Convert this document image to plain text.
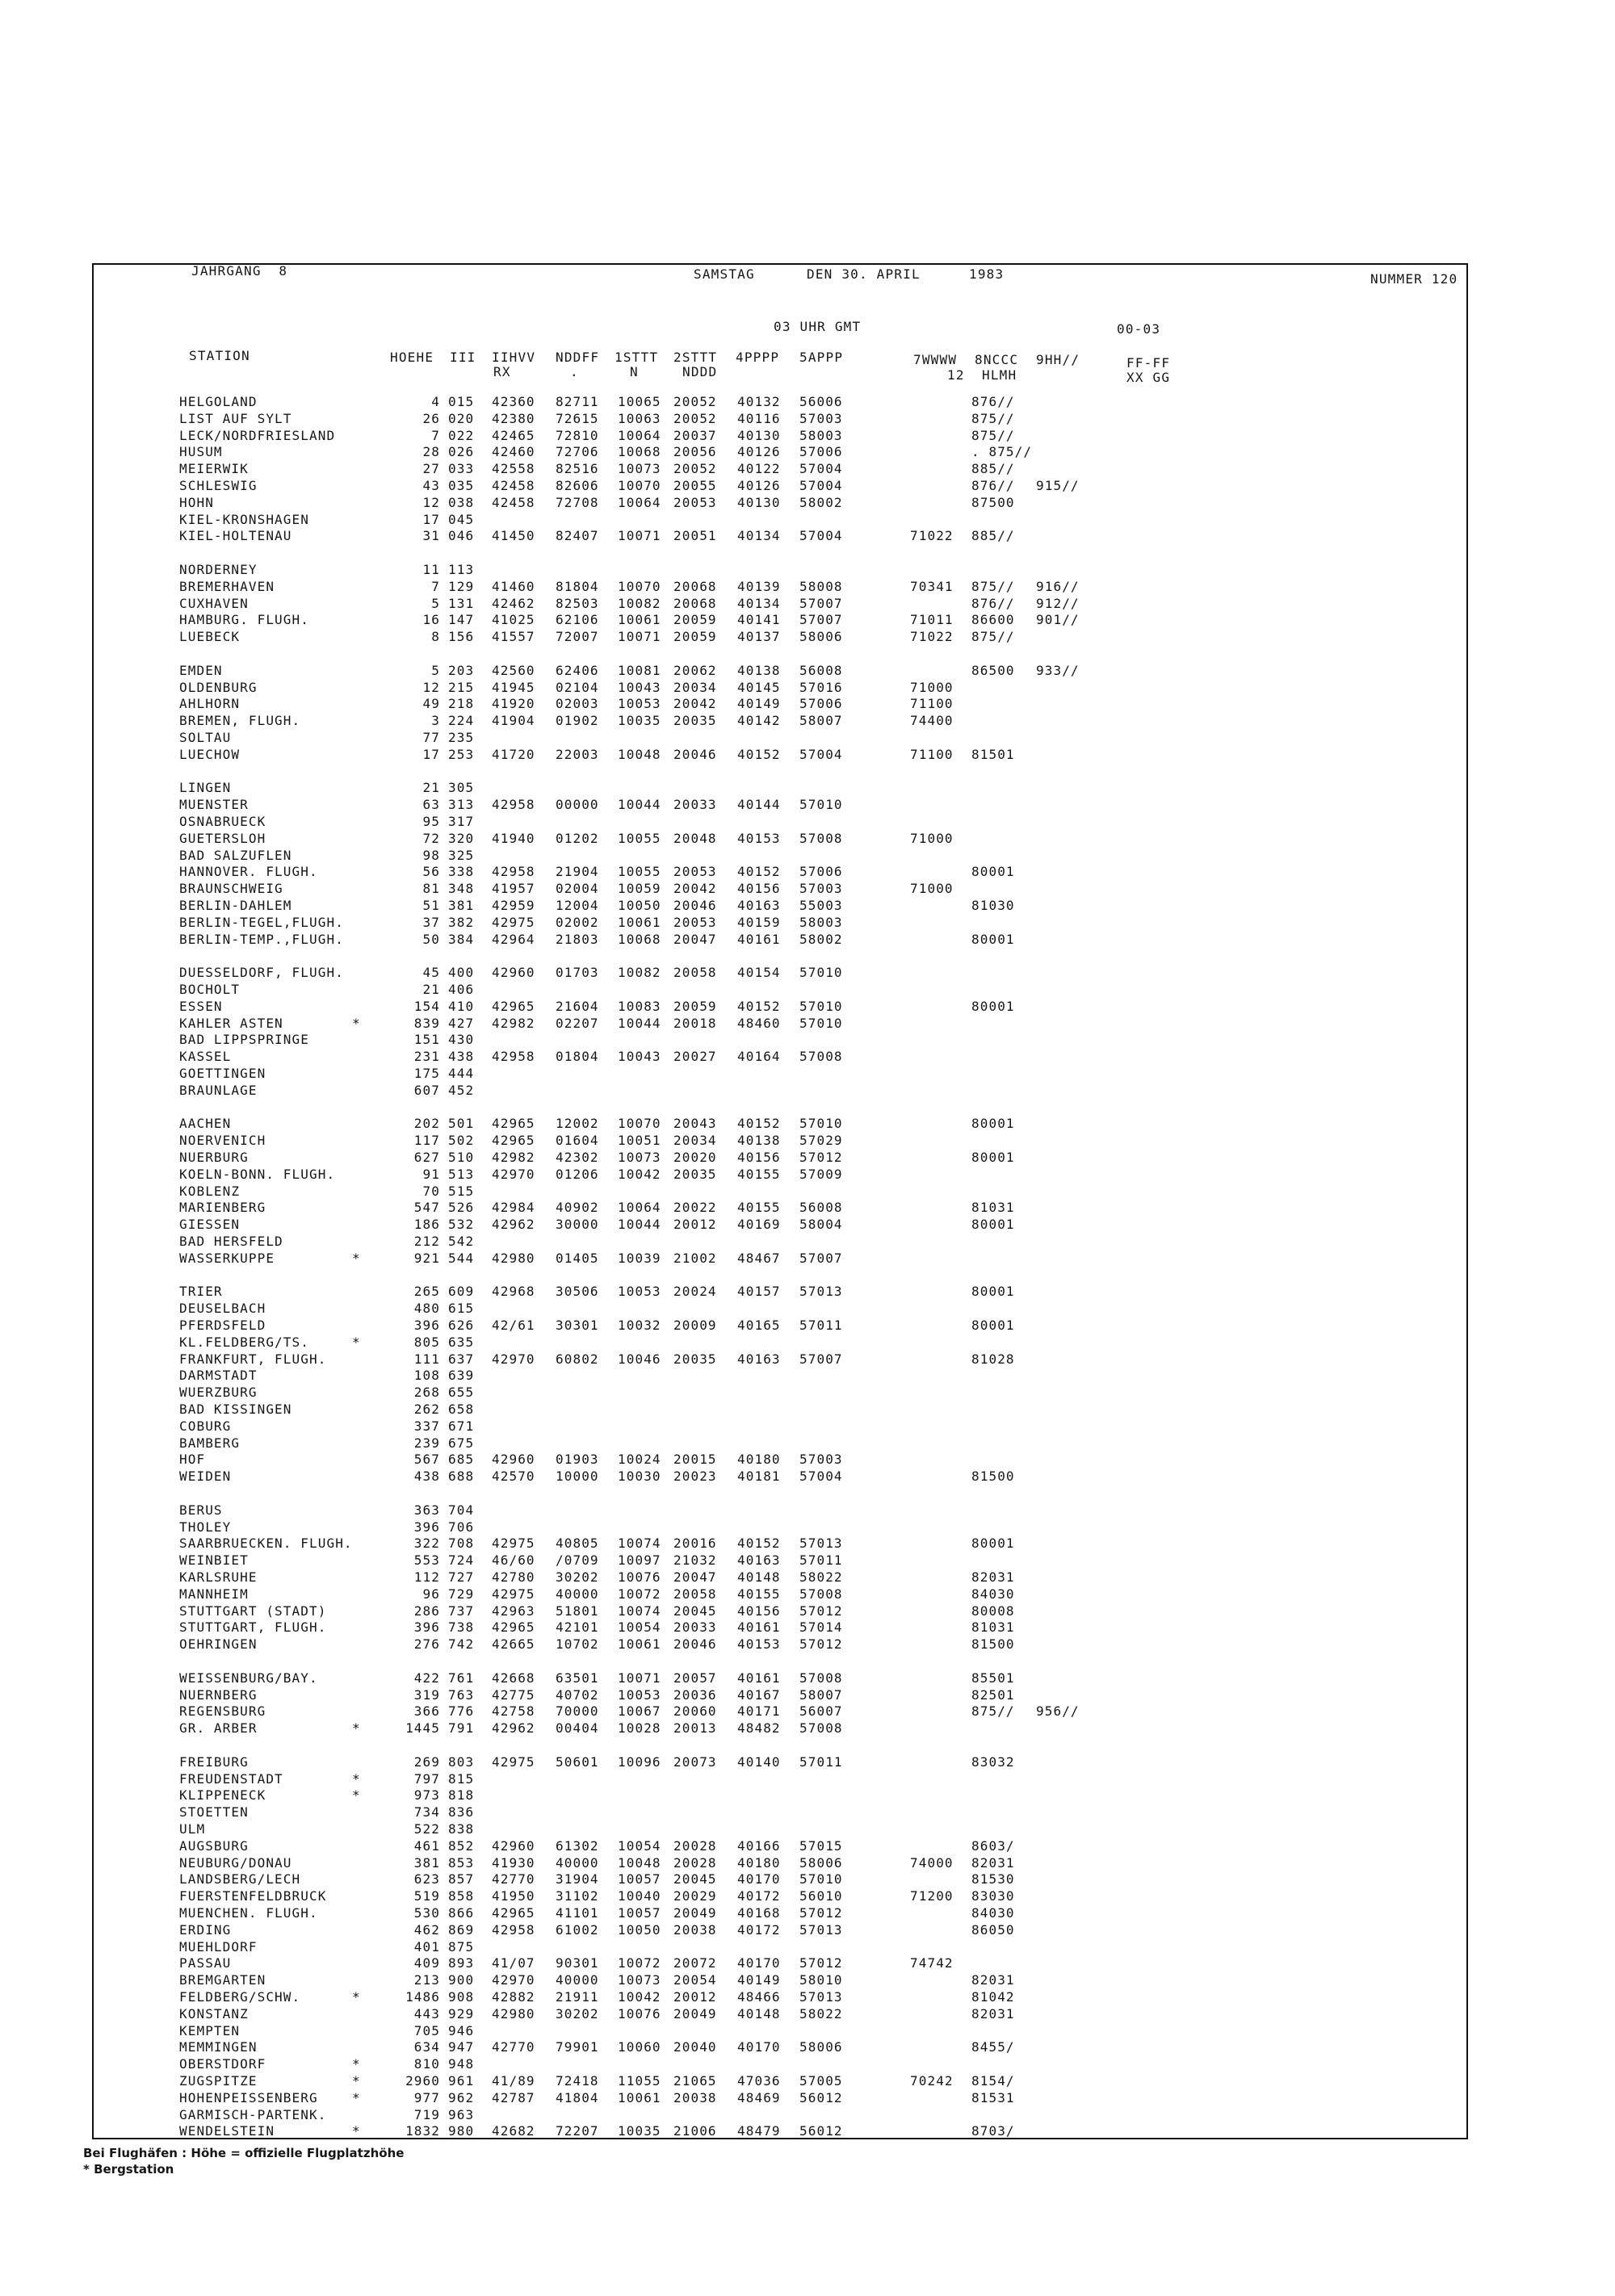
JAHRGANG  8	SAMSTAG	DEN 30. APRIL	1983	NUMMER 120
03 UHR GMT	00-03
STATION	HOEHE III IIHVV NDDFF 1STTT 2STTT 4PPPP 5APPP	7WWWW 8NCCC 9HH//	FF-FF
RX	.	N	NDDD	12 HLMH	XX GG
HELGOLAND	4 015 42360 82711 10065 20052 40132 56006	876//
LIST AUF SYLT	26 020 42380 72615 10063 20052 40116 57003	875//
LECK/NORDFRIESLAND	7 022 42465 72810 10064 20037 40130 58003	875//
HUSUM	28 026 42460 72706 10068 20056 40126 57006	. 875//
MEIERWIK	27 033 42558 82516 10073 20052 40122 57004	885//
SCHLESWIG	43 035 42458 82606 10070 20055 40126 57004	876// 915//
HOHN	12 038 42458 72708 10064 20053 40130 58002	87500
KIEL-KRONSHAGEN	17 045
KIEL-HOLTENAU	31 046 41450 82407 10071 20051 40134 57004	71022 885//
NORDERNEY	11 113
BREMERHAVEN	7 129 41460 81804 10070 20068 40139 58008	70341 875// 916//
CUXHAVEN	5 131 42462 82503 10082 20068 40134 57007	876// 912//
HAMBURG. FLUGH.	16 147 41025 62106 10061 20059 40141 57007	71011 86600 901//
LUEBECK	8 156 41557 72007 10071 20059 40137 58006	71022 875//
EMDEN	5 203 42560 62406 10081 20062 40138 56008	86500 933//
OLDENBURG	12 215 41945 02104 10043 20034 40145 57016	71000
AHLHORN	49 218 41920 02003 10053 20042 40149 57006	71100
BREMEN, FLUGH.	3 224 41904 01902 10035 20035 40142 58007	74400
SOLTAU	77 235
LUECHOW	17 253 41720 22003 10048 20046 40152 57004	71100 81501
LINGEN	21 305
MUENSTER	63 313 42958 00000 10044 20033 40144 57010
OSNABRUECK	95 317
GUETERSLOH	72 320 41940 01202 10055 20048 40153 57008	71000
BAD SALZUFLEN	98 325
HANNOVER. FLUGH.	56 338 42958 21904 10055 20053 40152 57006	80001
BRAUNSCHWEIG	81 348 41957 02004 10059 20042 40156 57003	71000
BERLIN-DAHLEM	51 381 42959 12004 10050 20046 40163 55003	81030
BERLIN-TEGEL,FLUGH.	37 382 42975 02002 10061 20053 40159 58003
BERLIN-TEMP.,FLUGH.	50 384 42964 21803 10068 20047 40161 58002	80001
DUESSELDORF, FLUGH.	45 400 42960 01703 10082 20058 40154 57010
BOCHOLT	21 406
ESSEN	154 410 42965 21604 10083 20059 40152 57010	80001
KAHLER ASTEN	*	839 427 42982 02207 10044 20018 48460 57010
BAD LIPPSPRINGE	151 430
KASSEL	231 438 42958 01804 10043 20027 40164 57008
GOETTINGEN	175 444
BRAUNLAGE	607 452
AACHEN	202 501 42965 12002 10070 20043 40152 57010	80001
NOERVENICH	117 502 42965 01604 10051 20034 40138 57029
NUERBURG	627 510 42982 42302 10073 20020 40156 57012	80001
KOELN-BONN. FLUGH.	91 513 42970 01206 10042 20035 40155 57009
KOBLENZ	70 515
MARIENBERG	547 526 42984 40902 10064 20022 40155 56008	81031
GIESSEN	186 532 42962 30000 10044 20012 40169 58004	80001
BAD HERSFELD	212 542
WASSERKUPPE	*	921 544 42980 01405 10039 21002 48467 57007
TRIER	265 609 42968 30506 10053 20024 40157 57013	80001
DEUSELBACH	480 615
PFERDSFELD	396 626 42/61 30301 10032 20009 40165 57011	80001
KL.FELDBERG/TS.	*	805 635
FRANKFURT, FLUGH.	111 637 42970 60802 10046 20035 40163 57007	81028
DARMSTADT	108 639
WUERZBURG	268 655
BAD KISSINGEN	262 658
COBURG	337 671
BAMBERG	239 675
HOF	567 685 42960 01903 10024 20015 40180 57003
WEIDEN	438 688 42570 10000 10030 20023 40181 57004	81500
BERUS	363 704
THOLEY	396 706
SAARBRUECKEN. FLUGH.	322 708 42975 40805 10074 20016 40152 57013	80001
WEINBIET	553 724 46/60 /0709 10097 21032 40163 57011
KARLSRUHE	112 727 42780 30202 10076 20047 40148 58022	82031
MANNHEIM	96 729 42975 40000 10072 20058 40155 57008	84030
STUTTGART (STADT)	286 737 42963 51801 10074 20045 40156 57012	80008
STUTTGART, FLUGH.	396 738 42965 42101 10054 20033 40161 57014	81031
OEHRINGEN	276 742 42665 10702 10061 20046 40153 57012	81500
WEISSENBURG/BAY.	422 761 42668 63501 10071 20057 40161 57008	85501
NUERNBERG	319 763 42775 40702 10053 20036 40167 58007	82501
REGENSBURG	366 776 42758 70000 10067 20060 40171 56007	875// 956//
GR. ARBER	*	1445 791 42962 00404 10028 20013 48482 57008
FREIBURG	269 803 42975 50601 10096 20073 40140 57011	83032
FREUDENSTADT	*	797 815
KLIPPENECK	*	973 818
STOETTEN	734 836
ULM	522 838
AUGSBURG	461 852 42960 61302 10054 20028 40166 57015	8603/
NEUBURG/DONAU	381 853 41930 40000 10048 20028 40180 58006	74000 82031
LANDSBERG/LECH	623 857 42770 31904 10057 20045 40170 57010	81530
FUERSTENFELDBRUCK	519 858 41950 31102 10040 20029 40172 56010	71200 83030
MUENCHEN. FLUGH.	530 866 42965 41101 10057 20049 40168 57012	84030
ERDING	462 869 42958 61002 10050 20038 40172 57013	86050
MUEHLDORF	401 875
PASSAU	409 893 41/07 90301 10072 20072 40170 57012	74742
BREMGARTEN	213 900 42970 40000 10073 20054 40149 58010	82031
FELDBERG/SCHW.	*	1486 908 42882 21911 10042 20012 48466 57013	81042
KONSTANZ	443 929 42980 30202 10076 20049 40148 58022	82031
KEMPTEN	705 946
MEMMINGEN	634 947 42770 79901 10060 20040 40170 58006	8455/
OBERSTDORF	*	810 948
ZUGSPITZE	*	2960 961 41/89 72418 11055 21065 47036 57005	70242 8154/
HOHENPEISSENBERG	*	977 962 42787 41804 10061 20038 48469 56012	81531
GARMISCH-PARTENK.	719 963
WENDELSTEIN	*	1832 980 42682 72207 10035 21006 48479 56012	8703/
Bei Flughäfen : Höhe = offizielle Flugplatzhöhe
* Bergstation
